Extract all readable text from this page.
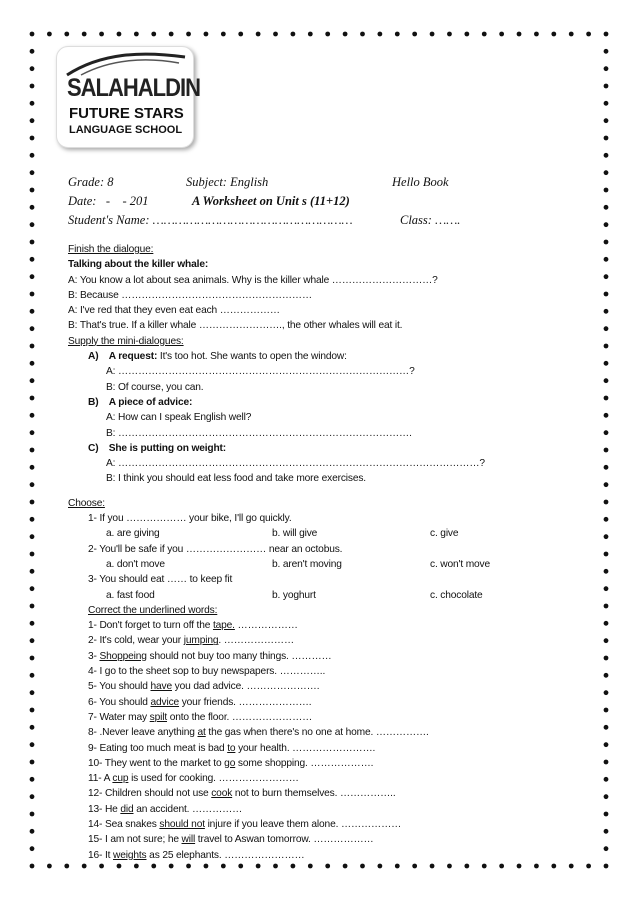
SALAHALDIN
FUTURE STARS
LANGUAGE SCHOOL
Grade: 8	Subject: English	Hello Book
Date:   -    - 201	A Worksheet on Unit s (11+12)
Student's Name: ………………………………………………	Class: …….
Finish the dialogue:
Talking about the killer whale:
A: You know a lot about sea animals. Why is the killer whale …………………………?
B: Because …………………………………………………
A: I've red that they even eat each ………………
B: That's true. If a killer whale ……………………., the other whales will eat it.
Supply the mini-dialogues:
A) A request: It's too hot. She wants to open the window:
A: ……………………………………………………………………………?
B: Of course, you can.
B) A piece of advice:
A: How can I speak English well?
B: …………………………………………………………………………….
C) She is putting on weight:
A: ………………………………………………………………………………………………?
B: I think you should eat less food and take more exercises.
Choose:
1- If you ……………… your bike, I'll go quickly.
a. are giving	b. will give	c. give
2- You'll be safe if you …………………… near an octobus.
a. don't move	b. aren't moving	c. won't move
3- You should eat …… to keep fit
a. fast food	b. yoghurt	c. chocolate
Correct the underlined words:
1- Don't forget to turn off the tape. ………………
2- It's cold, wear your jumping. …………………
3- Shoppeing should not buy too many things. …………
4- I go to the sheet sop to buy newspapers. …………..
5- You should have you dad advice. ………………….
6- You should advice your friends. ………………….
7- Water may spilt onto the floor. ……………………
8- .Never leave anything at the gas when there's no one at home. …………….
9- Eating too much meat is bad to your health. …………………….
10- They went to the market to go some shopping. ……………….
11- A cup is used for cooking. ……………………
12- Children should not use cook not to burn themselves. ……………..
13- He did an accident. ……………
14- Sea snakes should not injure if you leave them alone. ………………
15- I am not sure; he will travel to Aswan tomorrow. ………………
16- It weights as 25 elephants. ……………………
